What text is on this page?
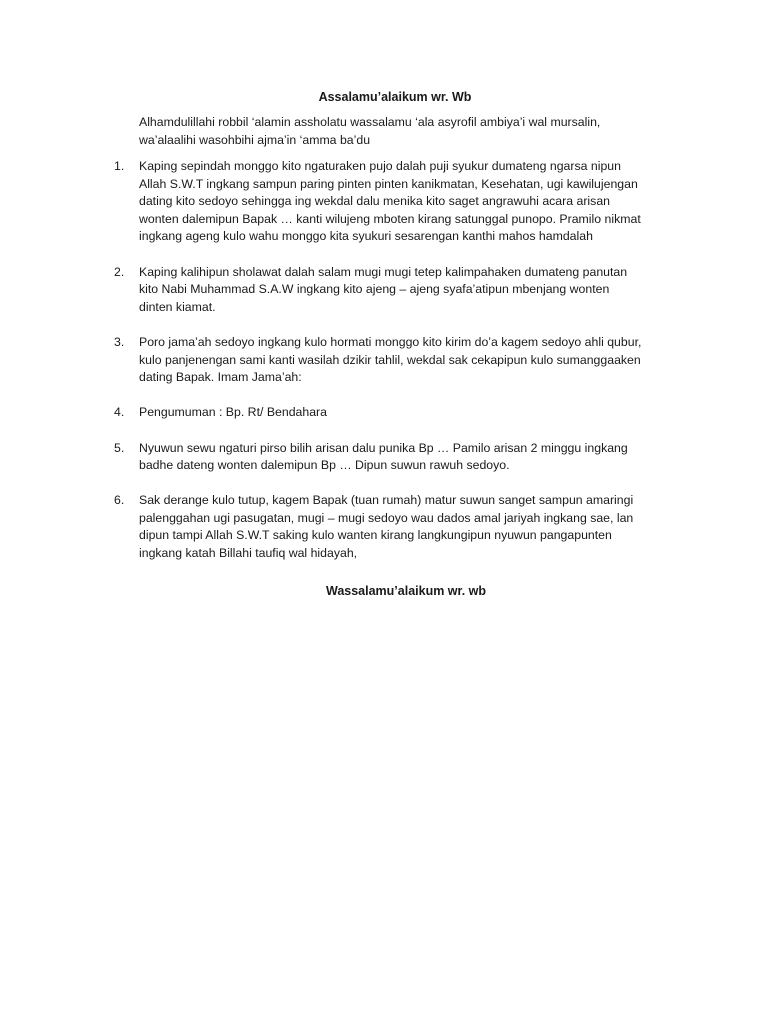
Assalamu’alaikum wr. Wb
Alhamdulillahi robbil ‘alamin assholatu wassalamu ‘ala asyrofil ambiya’i wal mursalin,
wa’alaalihi wasohbihi ajma’in ‘amma ba’du
1. Kaping sepindah monggo kito ngaturaken pujo dalah puji syukur dumateng ngarsa nipun
Allah S.W.T ingkang sampun paring pinten pinten kanikmatan, Kesehatan, ugi kawilujengan
dating kito sedoyo sehingga ing wekdal dalu menika kito saget angrawuhi acara arisan
wonten dalemipun Bapak … kanti wilujeng mboten kirang satunggal punopo. Pramilo nikmat
ingkang ageng kulo wahu monggo kita syukuri sesarengan kanthi mahos hamdalah
2. Kaping kalihipun sholawat dalah salam mugi mugi tetep kalimpahaken dumateng panutan
kito Nabi Muhammad S.A.W ingkang kito ajeng – ajeng syafa’atipun mbenjang wonten
dinten kiamat.
3. Poro jama’ah sedoyo ingkang kulo hormati monggo kito kirim do’a kagem sedoyo ahli qubur,
kulo panjenengan sami kanti wasilah dzikir tahlil, wekdal sak cekapipun kulo sumanggaaken
dating Bapak. Imam Jama’ah:
4. Pengumuman : Bp. Rt/ Bendahara
5. Nyuwun sewu ngaturi pirso bilih arisan dalu punika Bp … Pamilo arisan 2 minggu ingkang
badhe dateng wonten dalemipun Bp … Dipun suwun rawuh sedoyo.
6. Sak derange kulo tutup, kagem Bapak (tuan rumah) matur suwun sanget sampun amaringi
palenggahan ugi pasugatan, mugi – mugi sedoyo wau dados amal jariyah ingkang sae, lan
dipun tampi Allah S.W.T saking kulo wanten kirang langkungipun nyuwun pangapunten
ingkang katah Billahi taufiq wal hidayah,
Wassalamu’alaikum wr. wb
